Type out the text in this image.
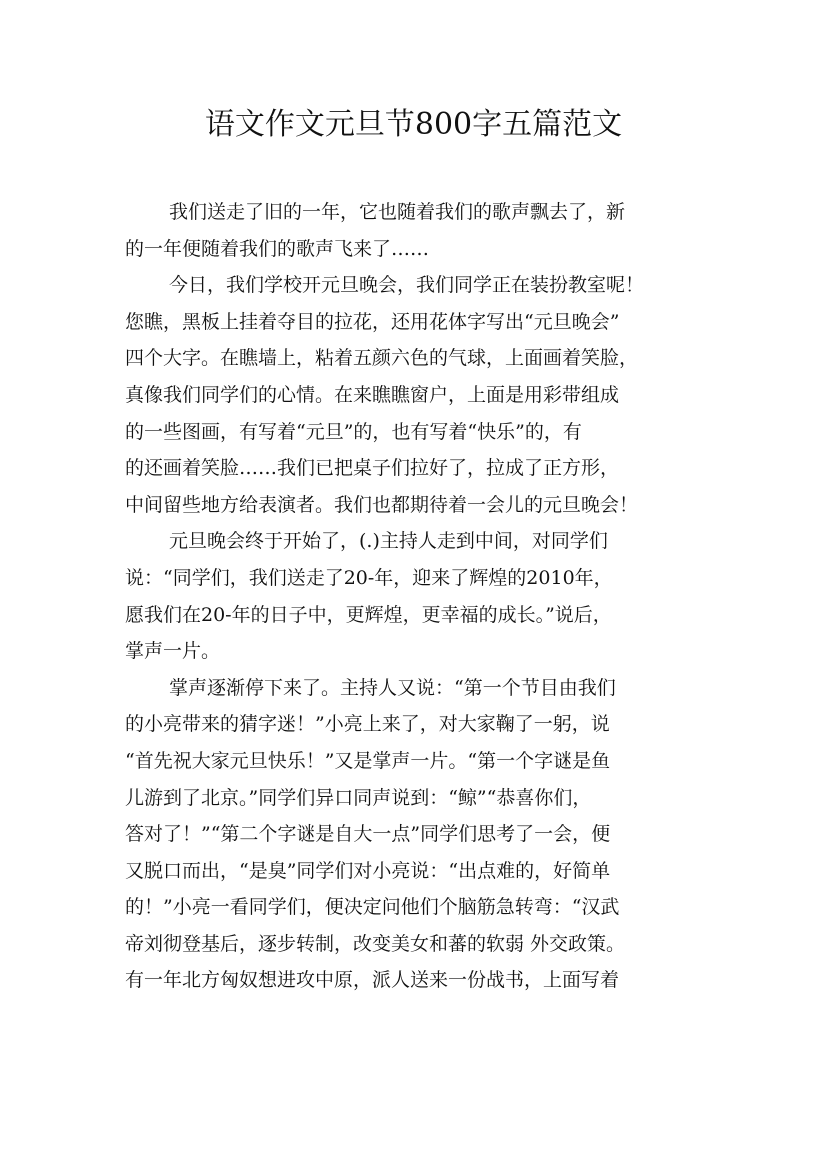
语文作文元旦节800字五篇范文
我们送走了旧的一年，它也随着我们的歌声飘去了，新
的一年便随着我们的歌声飞来了……
今日，我们学校开元旦晚会，我们同学正在装扮教室呢！
您瞧，黑板上挂着夺目的拉花，还用花体字写出“元旦晚会”
四个大字。在瞧墙上，粘着五颜六色的气球，上面画着笑脸，
真像我们同学们的心情。在来瞧瞧窗户，上面是用彩带组成
的一些图画，有写着“元旦”的，也有写着“快乐”的，有
的还画着笑脸……我们已把桌子们拉好了，拉成了正方形，
中间留些地方给表演者。我们也都期待着一会儿的元旦晚会！
元旦晚会终于开始了，(.)主持人走到中间，对同学们
说：“同学们，我们送走了20-年，迎来了辉煌的2010年，
愿我们在20-年的日子中，更辉煌，更幸福的成长。”说后，
掌声一片。
掌声逐渐停下来了。主持人又说：“第一个节目由我们
的小亮带来的猜字迷！”小亮上来了，对大家鞠了一躬，说
“首先祝大家元旦快乐！”又是掌声一片。“第一个字谜是鱼
儿游到了北京。”同学们异口同声说到：“鲸”“恭喜你们，
答对了！”“第二个字谜是自大一点”同学们思考了一会，便
又脱口而出，“是臭”同学们对小亮说：“出点难的，好简单
的！”小亮一看同学们，便决定问他们个脑筋急转弯：“汉武
帝刘彻登基后，逐步转制，改变美女和蕃的软弱 外交政策。
有一年北方匈奴想进攻中原，派人送来一份战书，上面写着
